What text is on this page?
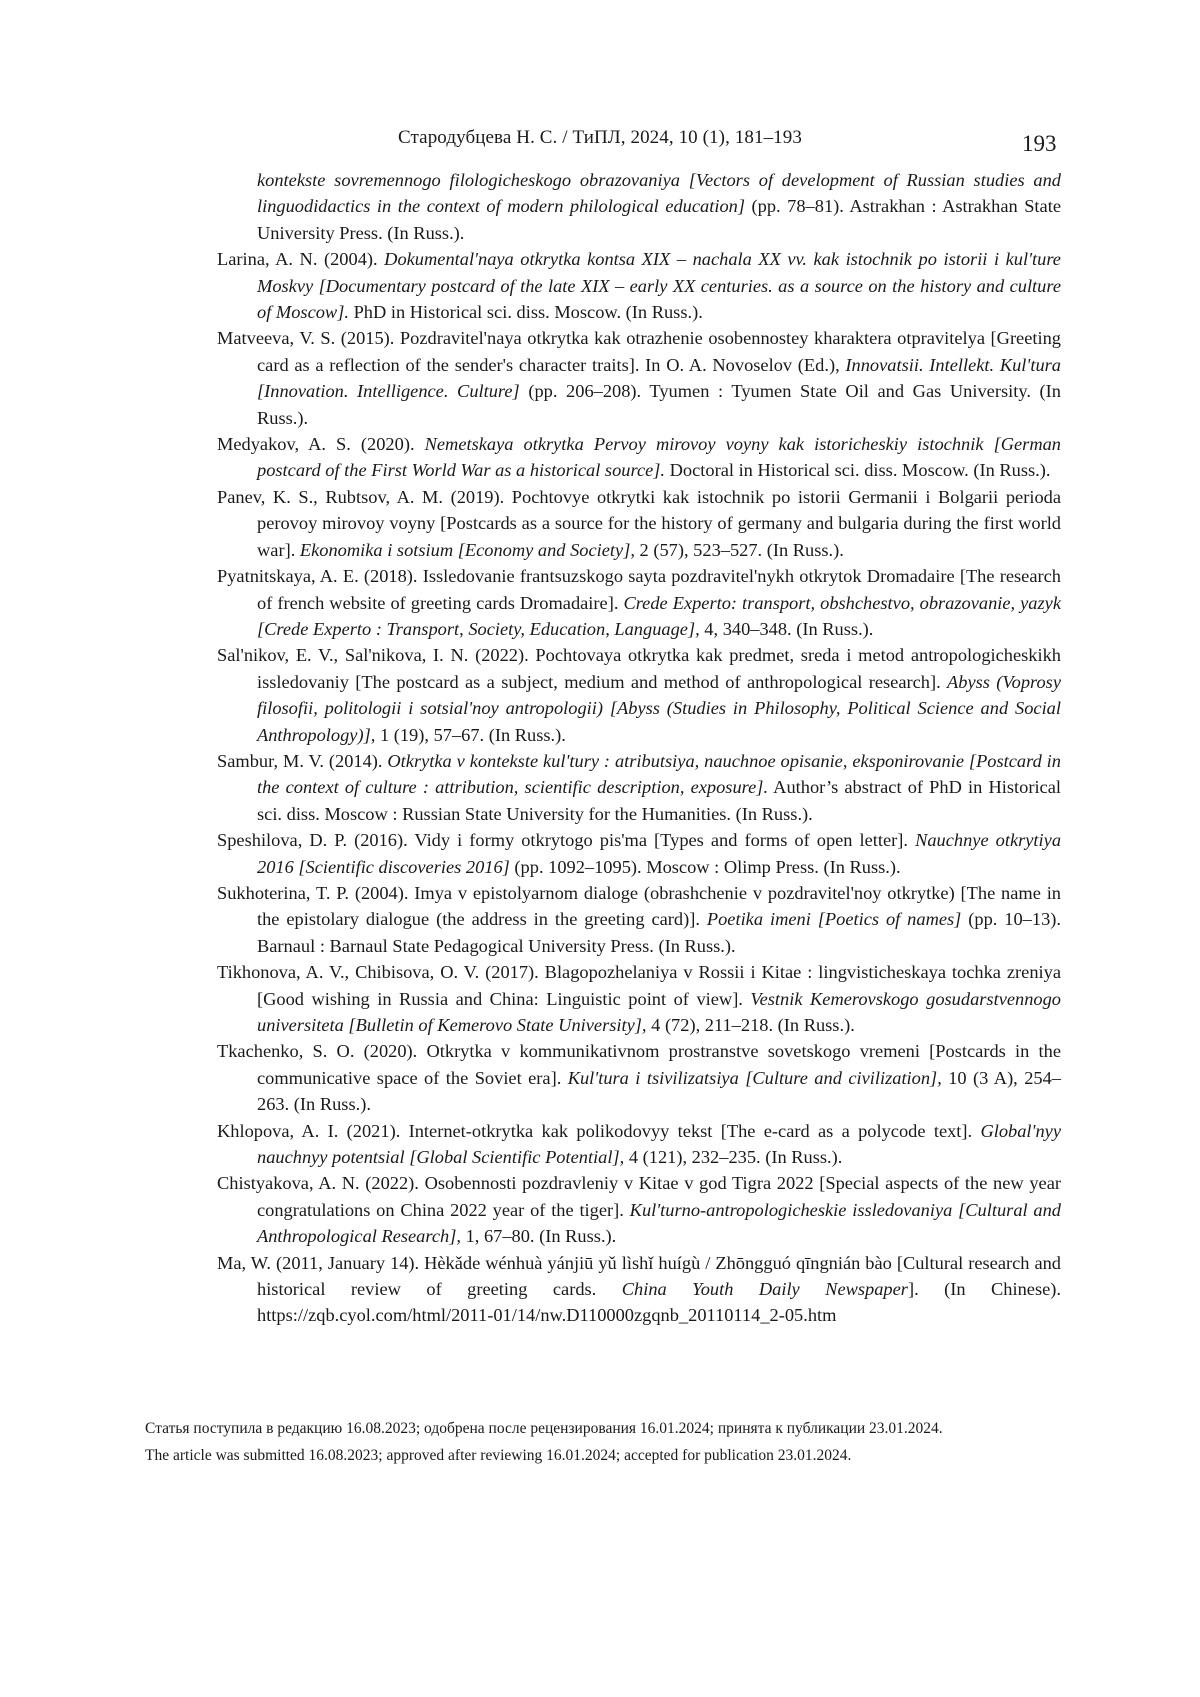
Стародубцева Н. С. / ТиПЛ, 2024, 10 (1), 181–193	193
kontekste sovremennogo filologicheskogo obrazovaniya [Vectors of development of Russian studies and linguodidactics in the context of modern philological education] (pp. 78–81). Astrakhan : Astrakhan State University Press. (In Russ.).
Larina, A. N. (2004). Dokumental'naya otkrytka kontsa XIX – nachala XX vv. kak istochnik po istorii i kul'ture Moskvy [Documentary postcard of the late XIX – early XX centuries. as a source on the history and culture of Moscow]. PhD in Historical sci. diss. Moscow. (In Russ.).
Matveeva, V. S. (2015). Pozdravitel'naya otkrytka kak otrazhenie osobennostey kharaktera otpravitelya [Greeting card as a reflection of the sender's character traits]. In O. A. Novoselov (Ed.), Innovatsii. Intellekt. Kul'tura [Innovation. Intelligence. Culture] (pp. 206–208). Tyumen : Tyumen State Oil and Gas University. (In Russ.).
Medyakov, A. S. (2020). Nemetskaya otkrytka Pervoy mirovoy voyny kak istoricheskiy istochnik [German postcard of the First World War as a historical source]. Doctoral in Historical sci. diss. Moscow. (In Russ.).
Panev, K. S., Rubtsov, A. M. (2019). Pochtovye otkrytki kak istochnik po istorii Germanii i Bolgarii perioda perovoy mirovoy voyny [Postcards as a source for the history of germany and bulgaria during the first world war]. Ekonomika i sotsium [Economy and Society], 2 (57), 523–527. (In Russ.).
Pyatnitskaya, A. E. (2018). Issledovanie frantsuzskogo sayta pozdravitel'nykh otkrytok Dromadaire [The research of french website of greeting cards Dromadaire]. Crede Experto: transport, obshchestvo, obrazovanie, yazyk [Crede Experto : Transport, Society, Education, Language], 4, 340–348. (In Russ.).
Sal'nikov, E. V., Sal'nikova, I. N. (2022). Pochtovaya otkrytka kak predmet, sreda i metod antropologicheskikh issledovaniy [The postcard as a subject, medium and method of anthropological research]. Abyss (Voprosy filosofii, politologii i sotsial'noy antropologii) [Abyss (Studies in Philosophy, Political Science and Social Anthropology)], 1 (19), 57–67. (In Russ.).
Sambur, M. V. (2014). Otkrytka v kontekste kul'tury : atributsiya, nauchnoe opisanie, eksponirovanie [Postcard in the context of culture : attribution, scientific description, exposure]. Author’s abstract of PhD in Historical sci. diss. Moscow : Russian State University for the Humanities. (In Russ.).
Speshilova, D. P. (2016). Vidy i formy otkrytogo pis'ma [Types and forms of open letter]. Nauchnye otkrytiya 2016 [Scientific discoveries 2016] (pp. 1092–1095). Moscow : Olimp Press. (In Russ.).
Sukhoterina, T. P. (2004). Imya v epistolyarnom dialoge (obrashchenie v pozdravitel'noy otkrytke) [The name in the epistolary dialogue (the address in the greeting card)]. Poetika imeni [Poetics of names] (pp. 10–13). Barnaul : Barnaul State Pedagogical University Press. (In Russ.).
Tikhonova, A. V., Chibisova, O. V. (2017). Blagopozhelaniya v Rossii i Kitae : lingvisticheskaya tochka zreniya [Good wishing in Russia and China: Linguistic point of view]. Vestnik Kemerovskogo gosudarstvennogo universiteta [Bulletin of Kemerovo State University], 4 (72), 211–218. (In Russ.).
Tkachenko, S. O. (2020). Otkrytka v kommunikativnom prostranstve sovetskogo vremeni [Postcards in the communicative space of the Soviet era]. Kul'tura i tsivilizatsiya [Culture and civilization], 10 (3 A), 254–263. (In Russ.).
Khlopova, A. I. (2021). Internet-otkrytka kak polikodovyy tekst [The e-card as a polycode text]. Global'nyy nauchnyy potentsial [Global Scientific Potential], 4 (121), 232–235. (In Russ.).
Chistyakova, A. N. (2022). Osobennosti pozdravleniy v Kitae v god Tigra 2022 [Special aspects of the new year congratulations on China 2022 year of the tiger]. Kul'turno-antropologicheskie issledovaniya [Cultural and Anthropological Research], 1, 67–80. (In Russ.).
Ma, W. (2011, January 14). Hèkǎde wénhuà yánjiū yǔ lìshǐ huígù / Zhōngguó qīngnián bào [Cultural research and historical review of greeting cards. China Youth Daily Newspaper]. (In Chinese). https://zqb.cyol.com/html/2011-01/14/nw.D110000zgqnb_20110114_2-05.htm
Статья поступила в редакцию 16.08.2023; одобрена после рецензирования 16.01.2024; принята к публикации 23.01.2024.
The article was submitted 16.08.2023; approved after reviewing 16.01.2024; accepted for publication 23.01.2024.
